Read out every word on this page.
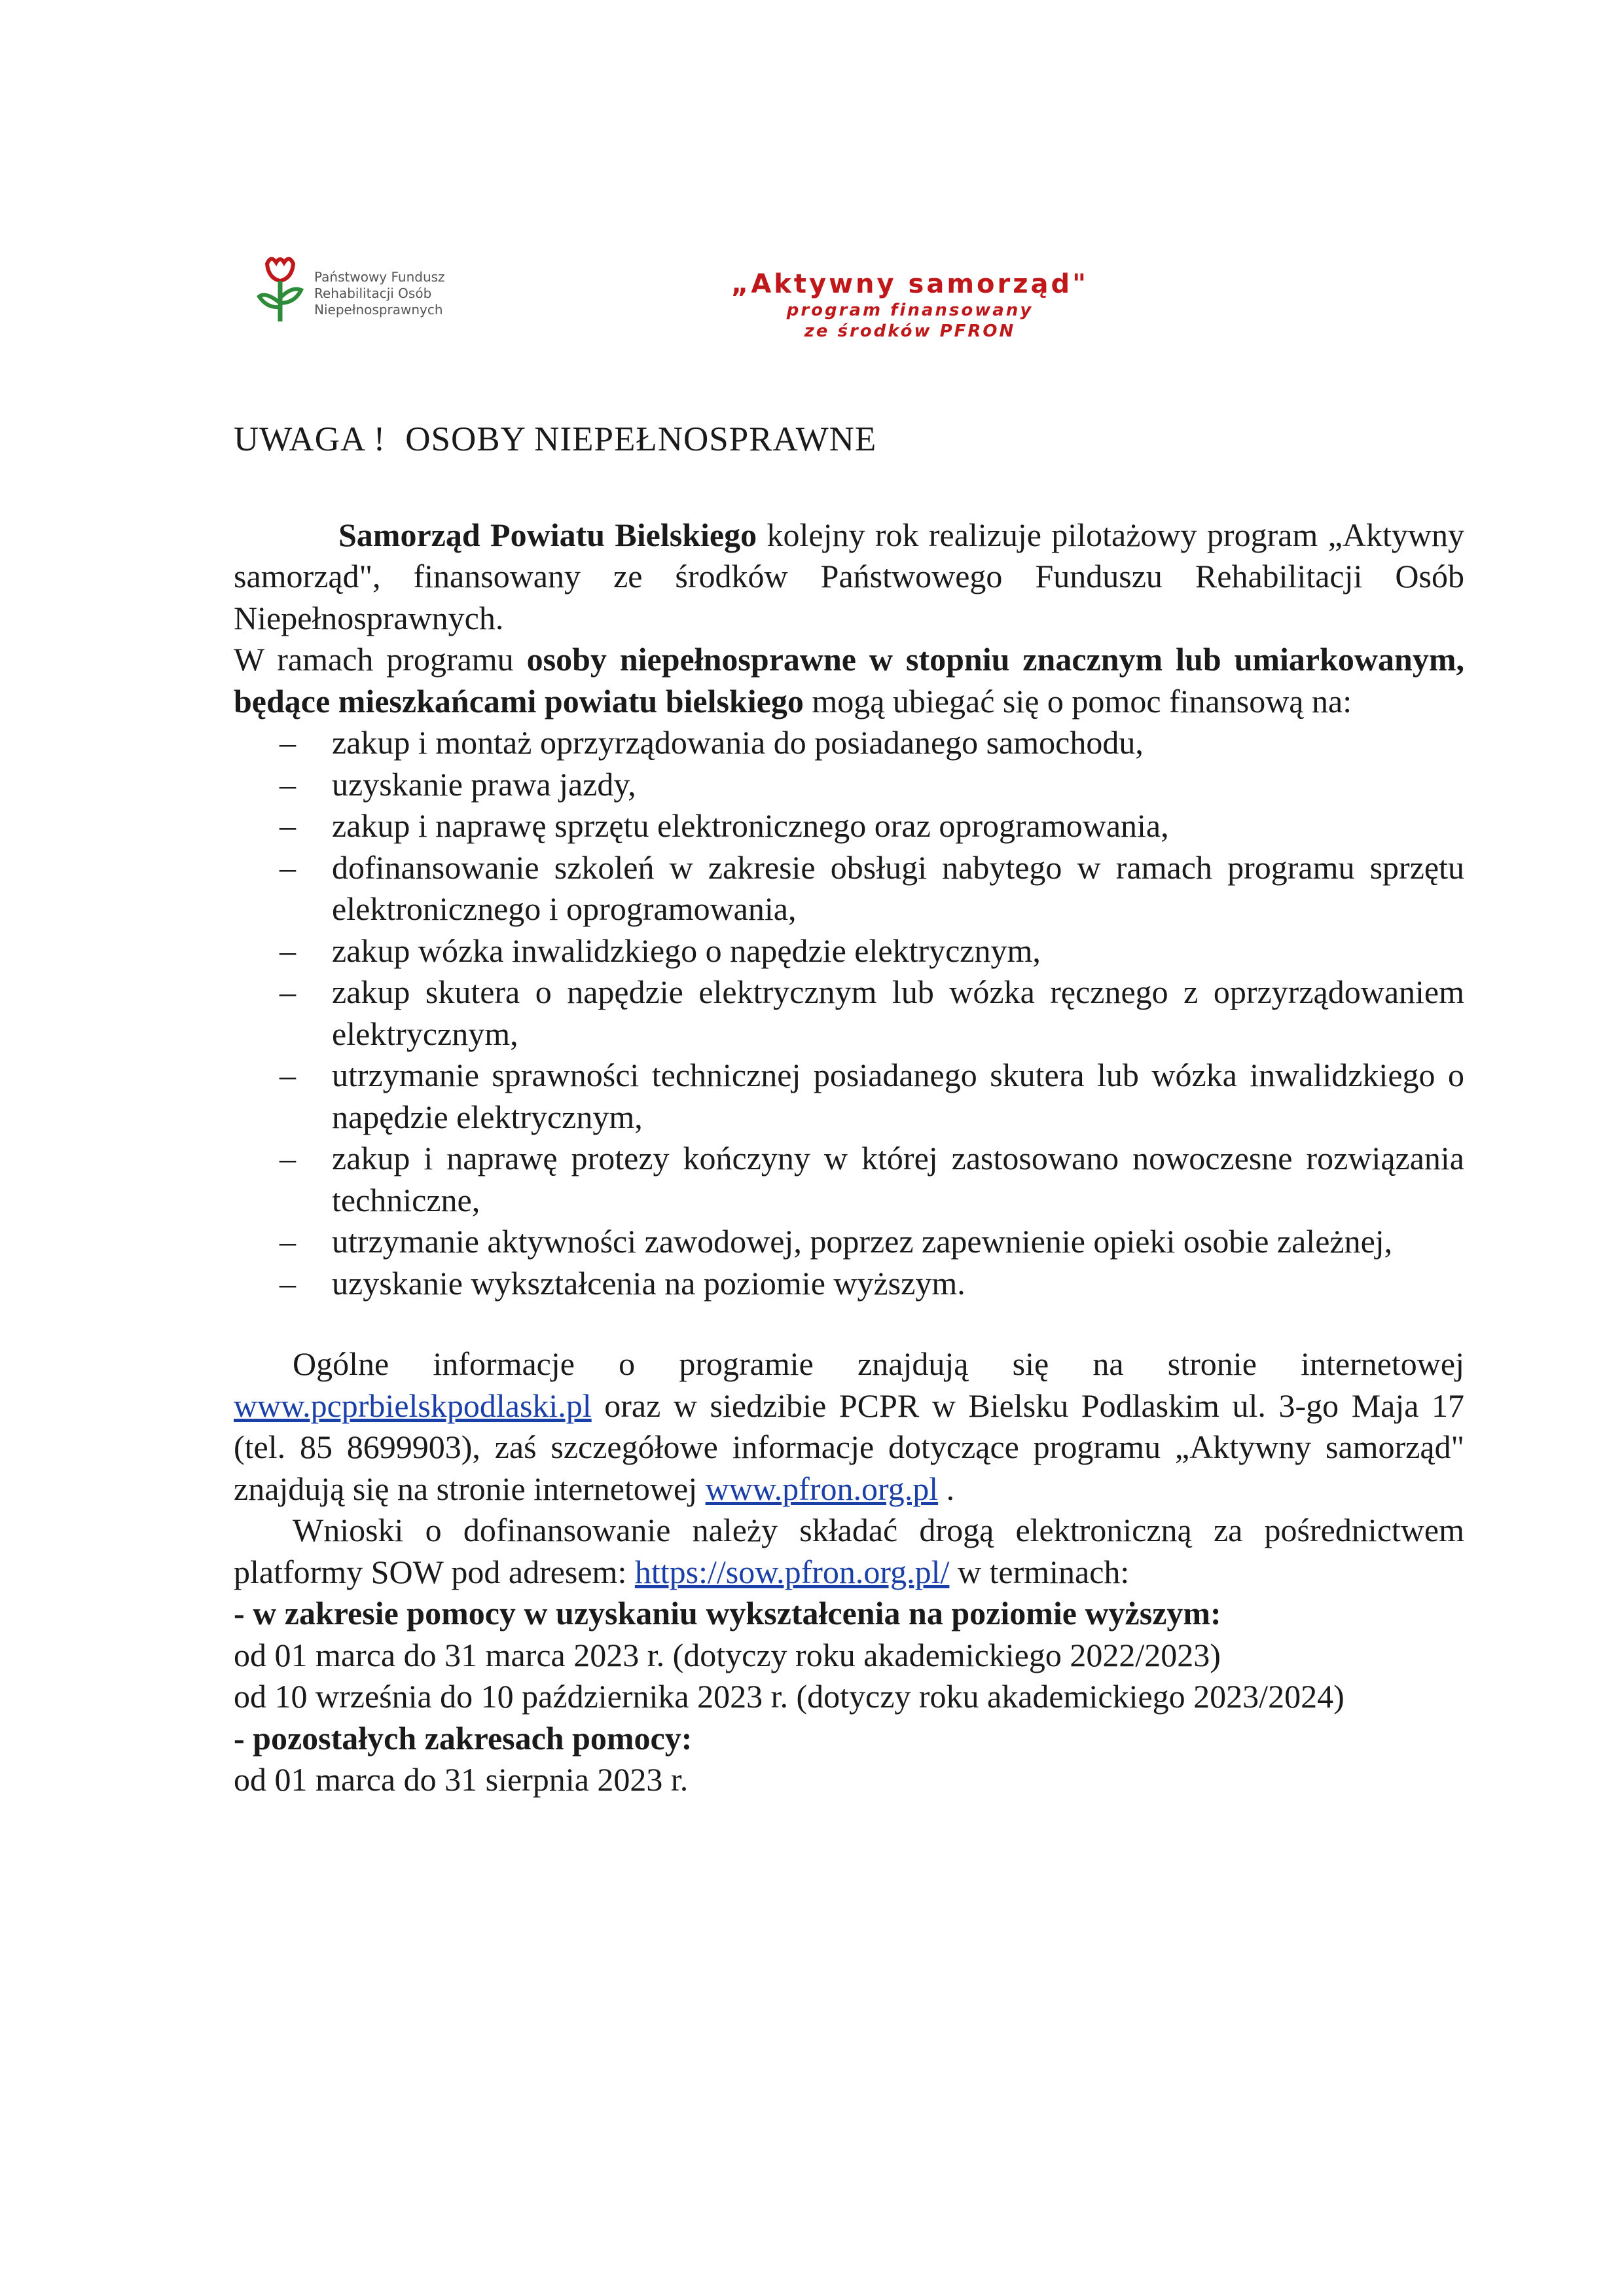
Państwowy Fundusz
Rehabilitacji Osób
Niepełnosprawnych
„Aktywny samorząd"
program finansowany
ze środków PFRON

UWAGA ! OSOBY NIEPEŁNOSPRAWNE

Samorząd Powiatu Bielskiego kolejny rok realizuje pilotażowy program „Aktywny samorząd", finansowany ze środków Państwowego Funduszu Rehabilitacji Osób Niepełnosprawnych.

W ramach programu osoby niepełnosprawne w stopniu znacznym lub umiarkowanym, będące mieszkańcami powiatu bielskiego mogą ubiegać się o pomoc finansową na:

– zakup i montaż oprzyrządowania do posiadanego samochodu,
– uzyskanie prawa jazdy,
– zakup i naprawę sprzętu elektronicznego oraz oprogramowania,
– dofinansowanie szkoleń w zakresie obsługi nabytego w ramach programu sprzętu elektronicznego i oprogramowania,
– zakup wózka inwalidzkiego o napędzie elektrycznym,
– zakup skutera o napędzie elektrycznym lub wózka ręcznego z oprzyrządowaniem elektrycznym,
– utrzymanie sprawności technicznej posiadanego skutera lub wózka inwalidzkiego o napędzie elektrycznym,
– zakup i naprawę protezy kończyny w której zastosowano nowoczesne rozwiązania techniczne,
– utrzymanie aktywności zawodowej, poprzez zapewnienie opieki osobie zależnej,
– uzyskanie wykształcenia na poziomie wyższym.

Ogólne informacje o programie znajdują się na stronie internetowej www.pcprbielskpodlaski.pl oraz w siedzibie PCPR w Bielsku Podlaskim ul. 3-go Maja 17 (tel. 85 8699903), zaś szczegółowe informacje dotyczące programu „Aktywny samorząd" znajdują się na stronie internetowej www.pfron.org.pl .

Wnioski o dofinansowanie należy składać drogą elektroniczną za pośrednictwem platformy SOW pod adresem: https://sow.pfron.org.pl/ w terminach:

- w zakresie pomocy w uzyskaniu wykształcenia na poziomie wyższym:

od 01 marca do 31 marca 2023 r. (dotyczy roku akademickiego 2022/2023)

od 10 września do 10 października 2023 r. (dotyczy roku akademickiego 2023/2024)

- pozostałych zakresach pomocy:

od 01 marca do 31 sierpnia 2023 r.
